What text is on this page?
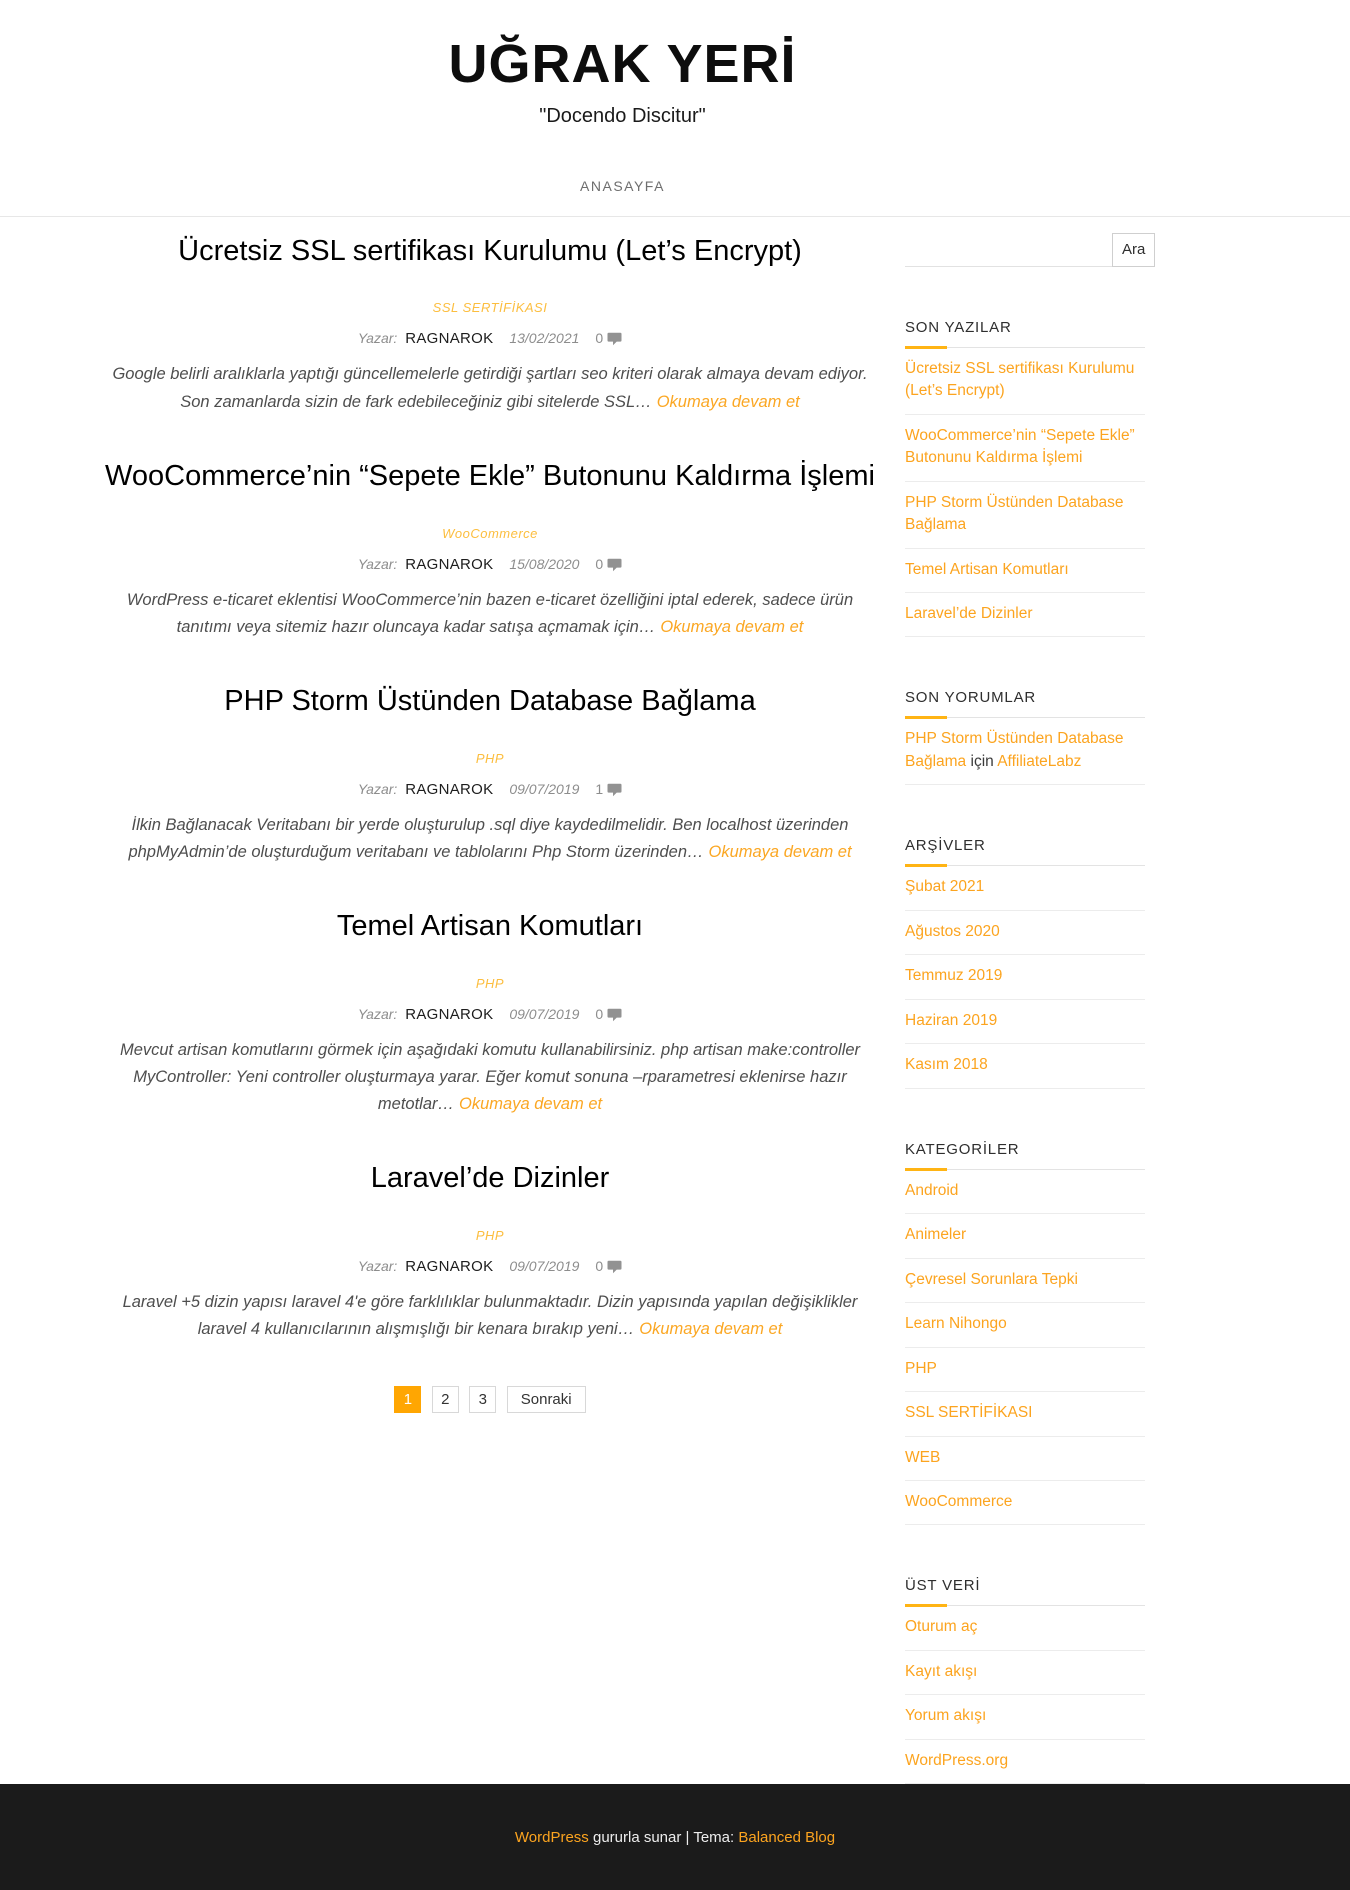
UĞRAK YERİ
"Docendo Discitur"
ANASAYFA
Ücretsiz SSL sertifikası Kurulumu (Let’s Encrypt)

SSL SERTİFİKASI
Yazar: RAGNAROK 13/02/2021 0

Google belirli aralıklarla yaptığı güncellemelerle getirdiği şartları seo kriteri olarak almaya devam ediyor. Son zamanlarda sizin de fark edebileceğiniz gibi sitelerde SSL… Okumaya devam et

WooCommerce’nin “Sepete Ekle” Butonunu Kaldırma İşlemi

WooCommerce
Yazar: RAGNAROK 15/08/2020 0

WordPress e-ticaret eklentisi WooCommerce’nin bazen e-ticaret özelliğini iptal ederek, sadece ürün tanıtımı veya sitemiz hazır oluncaya kadar satışa açmamak için… Okumaya devam et

PHP Storm Üstünden Database Bağlama

PHP
Yazar: RAGNAROK 09/07/2019 1

İlkin Bağlanacak Veritabanı bir yerde oluşturulup .sql diye kaydedilmelidir. Ben localhost üzerinden phpMyAdmin’de oluşturduğum veritabanı ve tablolarını Php Storm üzerinden… Okumaya devam et

Temel Artisan Komutları

PHP
Yazar: RAGNAROK 09/07/2019 0

Mevcut artisan komutlarını görmek için aşağıdaki komutu kullanabilirsiniz. php artisan make:controller MyController: Yeni controller oluşturmaya yarar. Eğer komut sonuna –rparametresi eklenirse hazır metotlar… Okumaya devam et

Laravel’de Dizinler

PHP
Yazar: RAGNAROK 09/07/2019 0

Laravel +5 dizin yapısı laravel 4'e göre farklılıklar bulunmaktadır. Dizin yapısında yapılan değişiklikler laravel 4 kullanıcılarının alışmışlığı bir kenara bırakıp yeni… Okumaya devam et

1 2 3 Sonraki
Ara
SON YAZILAR
Ücretsiz SSL sertifikası Kurulumu (Let’s Encrypt)
WooCommerce’nin “Sepete Ekle” Butonunu Kaldırma İşlemi
PHP Storm Üstünden Database Bağlama
Temel Artisan Komutları
Laravel’de Dizinler
SON YORUMLAR
PHP Storm Üstünden Database Bağlama için AffiliateLabz
ARŞİVLER
Şubat 2021
Ağustos 2020
Temmuz 2019
Haziran 2019
Kasım 2018
KATEGORİLER
Android
Animeler
Çevresel Sorunlara Tepki
Learn Nihongo
PHP
SSL SERTİFİKASI
WEB
WooCommerce
ÜST VERİ
Oturum aç
Kayıt akışı
Yorum akışı
WordPress.org
WordPress
gururla sunar | Tema:
Balanced Blog
